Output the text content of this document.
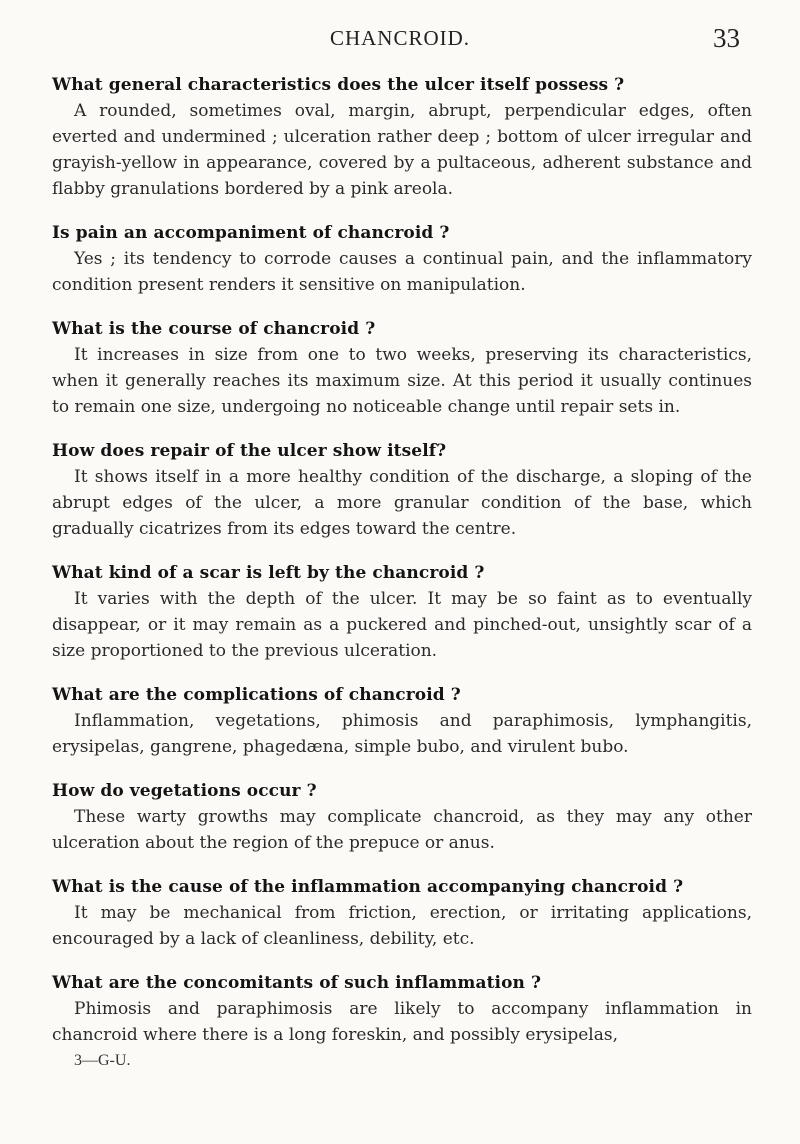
CHANCROID.	33
What general characteristics does the ulcer itself possess ?
A rounded, sometimes oval, margin, abrupt, perpendicular edges, often everted and undermined ; ulceration rather deep ; bottom of ulcer irregular and grayish-yellow in appearance, covered by a pultaceous, adherent substance and flabby granulations bordered by a pink areola.
Is pain an accompaniment of chancroid ?
Yes ; its tendency to corrode causes a continual pain, and the inflammatory condition present renders it sensitive on manipulation.
What is the course of chancroid ?
It increases in size from one to two weeks, preserving its characteristics, when it generally reaches its maximum size. At this period it usually continues to remain one size, undergoing no noticeable change until repair sets in.
How does repair of the ulcer show itself?
It shows itself in a more healthy condition of the discharge, a sloping of the abrupt edges of the ulcer, a more granular condition of the base, which gradually cicatrizes from its edges toward the centre.
What kind of a scar is left by the chancroid ?
It varies with the depth of the ulcer. It may be so faint as to eventually disappear, or it may remain as a puckered and pinched-out, unsightly scar of a size proportioned to the previous ulceration.
What are the complications of chancroid ?
Inflammation, vegetations, phimosis and paraphimosis, lymphangitis, erysipelas, gangrene, phagedæna, simple bubo, and virulent bubo.
How do vegetations occur ?
These warty growths may complicate chancroid, as they may any other ulceration about the region of the prepuce or anus.
What is the cause of the inflammation accompanying chancroid ?
It may be mechanical from friction, erection, or irritating applications, encouraged by a lack of cleanliness, debility, etc.
What are the concomitants of such inflammation ?
Phimosis and paraphimosis are likely to accompany inflammation in chancroid where there is a long foreskin, and possibly erysipelas,
3—G-U.
